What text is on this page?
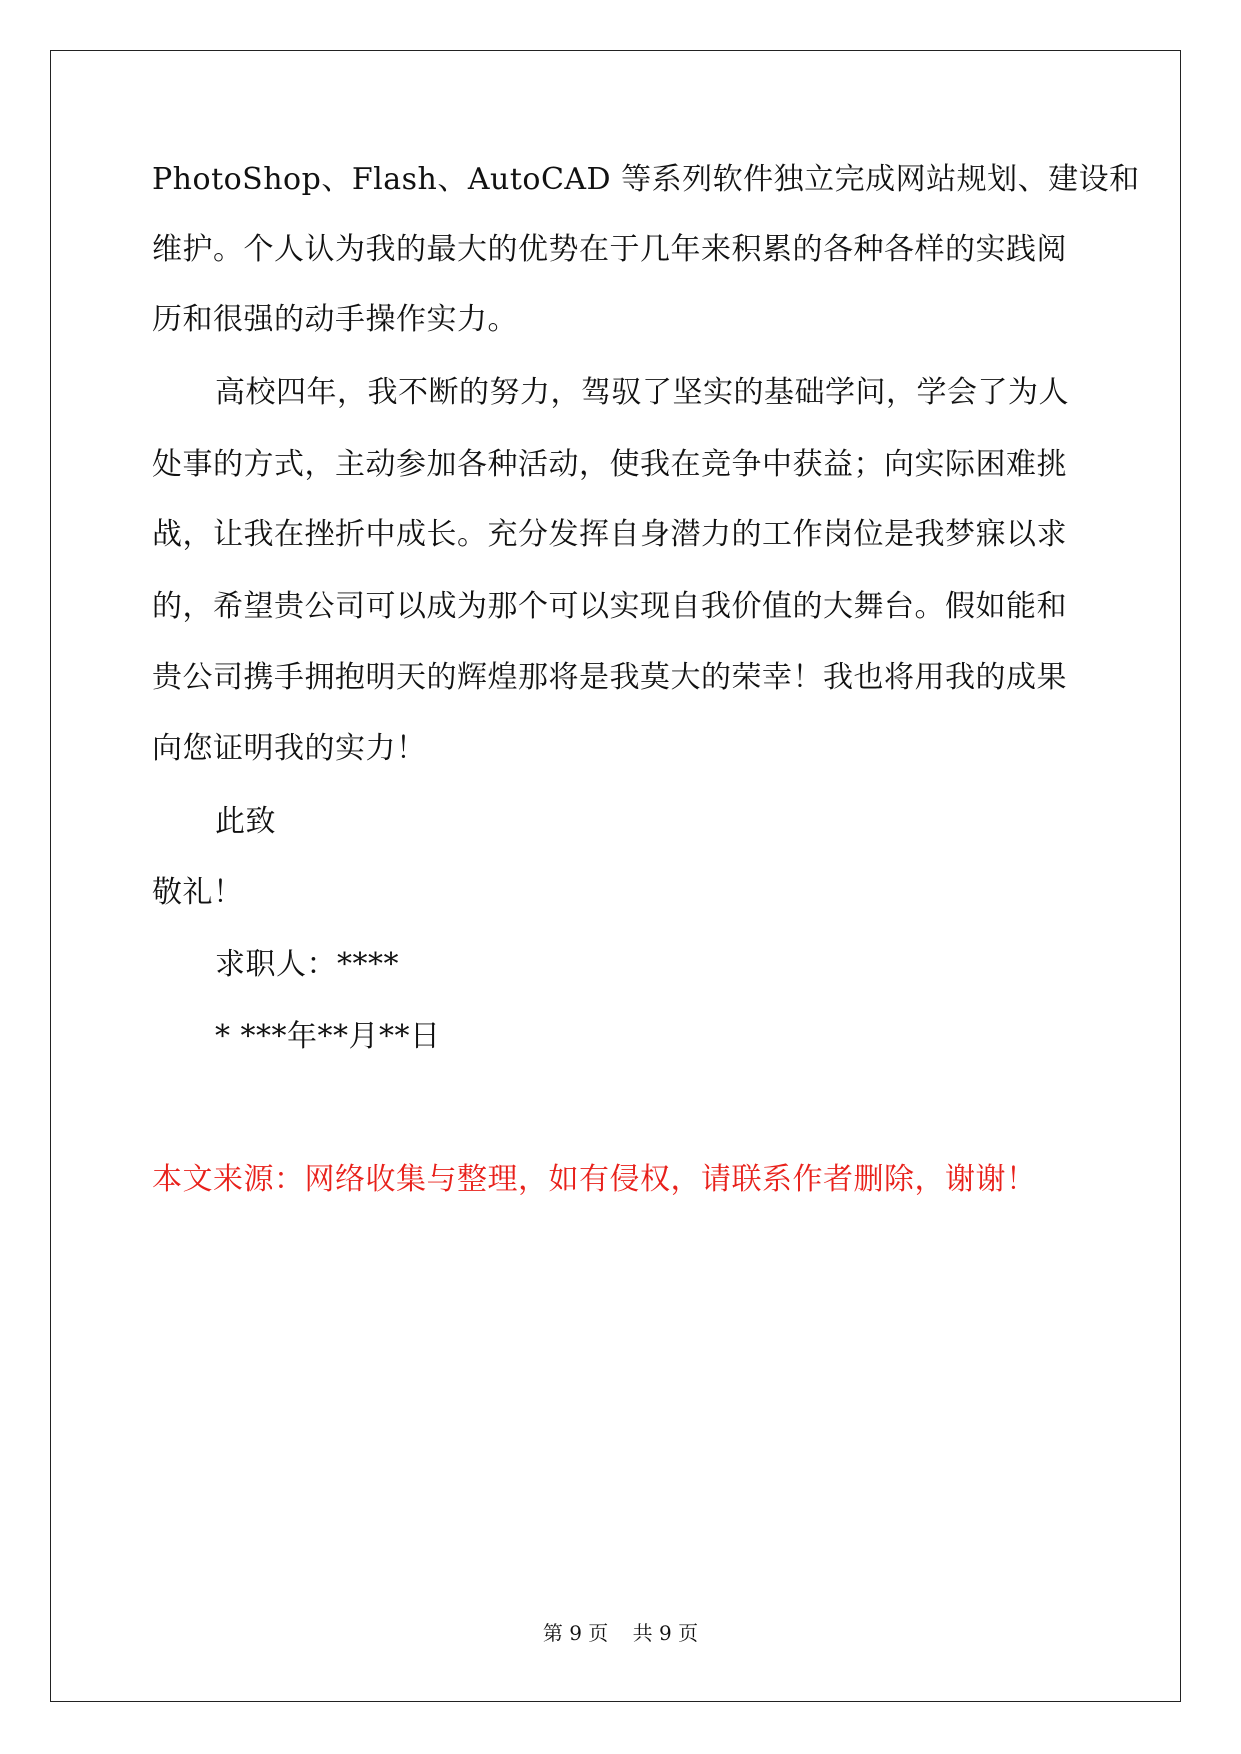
PhotoShop、Flash、AutoCAD 等系列软件独立完成网站规划、建设和
维护。个人认为我的最大的优势在于几年来积累的各种各样的实践阅
历和很强的动手操作实力。
高校四年，我不断的努力，驾驭了坚实的基础学问，学会了为人
处事的方式，主动参加各种活动，使我在竞争中获益；向实际困难挑
战，让我在挫折中成长。充分发挥自身潜力的工作岗位是我梦寐以求
的，希望贵公司可以成为那个可以实现自我价值的大舞台。假如能和
贵公司携手拥抱明天的辉煌那将是我莫大的荣幸！我也将用我的成果
向您证明我的实力！
此致
敬礼！
求职人：****
* ***年**月**日
本文来源：网络收集与整理，如有侵权，请联系作者删除，谢谢！
第 9 页 共 9 页
